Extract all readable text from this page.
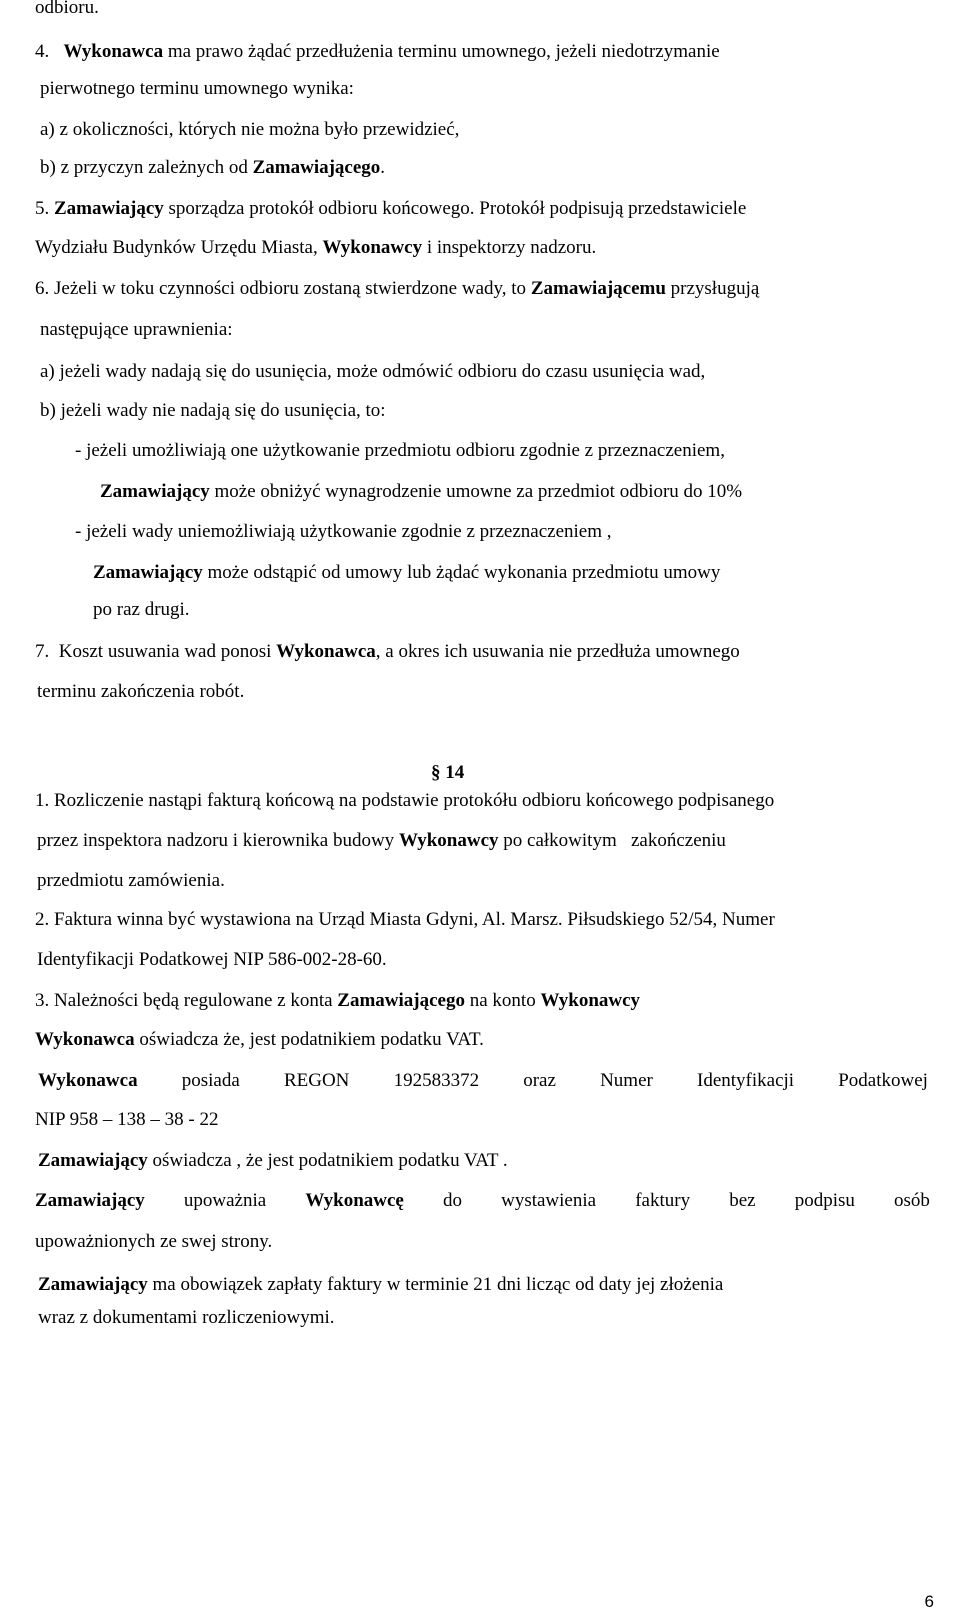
odbioru.
4.   Wykonawca ma prawo żądać przedłużenia terminu umownego, jeżeli niedotrzymanie
pierwotnego terminu umownego wynika:
a) z okoliczności, których nie można było przewidzieć,
b) z przyczyn zależnych od Zamawiającego.
5. Zamawiający sporządza protokół odbioru końcowego. Protokół podpisują przedstawiciele
Wydziału Budynków Urzędu Miasta, Wykonawcy i inspektorzy nadzoru.
6. Jeżeli w toku czynności odbioru zostaną stwierdzone wady, to Zamawiającemu przysługują
następujące uprawnienia:
a) jeżeli wady nadają się do usunięcia, może odmówić odbioru do czasu usunięcia wad,
b) jeżeli wady nie nadają się do usunięcia, to:
- jeżeli umożliwiają one użytkowanie przedmiotu odbioru zgodnie z przeznaczeniem,
Zamawiający może obniżyć wynagrodzenie umowne za przedmiot odbioru do 10%
- jeżeli wady uniemożliwiają użytkowanie zgodnie z przeznaczeniem ,
Zamawiający może odstąpić od umowy lub żądać wykonania przedmiotu umowy
po raz drugi.
7.  Koszt usuwania wad ponosi Wykonawca, a okres ich usuwania nie przedłuża umownego
terminu zakończenia robót.
1. Rozliczenie nastąpi fakturą końcową na podstawie protokółu odbioru końcowego podpisanego
przez inspektora nadzoru i kierownika budowy Wykonawcy po całkowitym   zakończeniu
przedmiotu zamówienia.
2. Faktura winna być wystawiona na Urząd Miasta Gdyni, Al. Marsz. Piłsudskiego 52/54, Numer
Identyfikacji Podatkowej NIP 586-002-28-60.
3. Należności będą regulowane z konta Zamawiającego na konto Wykonawcy
Wykonawca oświadcza że, jest podatnikiem podatku VAT.
NIP 958 – 138 – 38 - 22
Zamawiający oświadcza , że jest podatnikiem podatku VAT .
upoważnionych ze swej strony.
Zamawiający ma obowiązek zapłaty faktury w terminie 21 dni licząc od daty jej złożenia
wraz z dokumentami rozliczeniowymi.
Wykonawca posiada REGON 192583372 oraz Numer Identyfikacji Podatkowej
Zamawiający upoważnia Wykonawcę do wystawienia faktury bez podpisu osób
§ 14
6
